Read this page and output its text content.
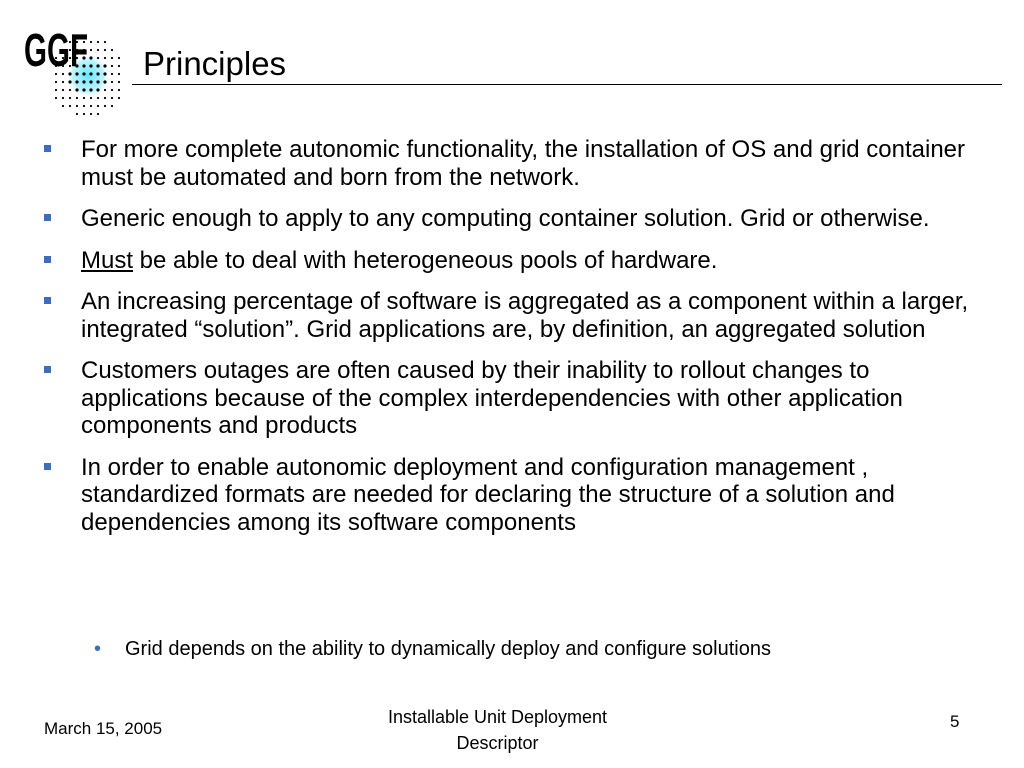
GGF Principles
For more complete autonomic functionality, the installation of OS and grid container must be automated and born from the network.
Generic enough to apply to any computing container solution. Grid or otherwise.
Must be able to deal with heterogeneous pools of hardware.
An increasing percentage of software is aggregated as a component within a larger, integrated “solution”. Grid applications are, by definition, an aggregated solution
Customers outages are often caused by their inability to rollout changes to applications because of the complex interdependencies with other application components and products
In order to enable autonomic deployment and configuration management , standardized formats are needed for declaring the structure of a solution and dependencies among its software components
• Grid depends on the ability to dynamically deploy and configure solutions
March 15, 2005
Installable Unit Deployment
Descriptor
5
